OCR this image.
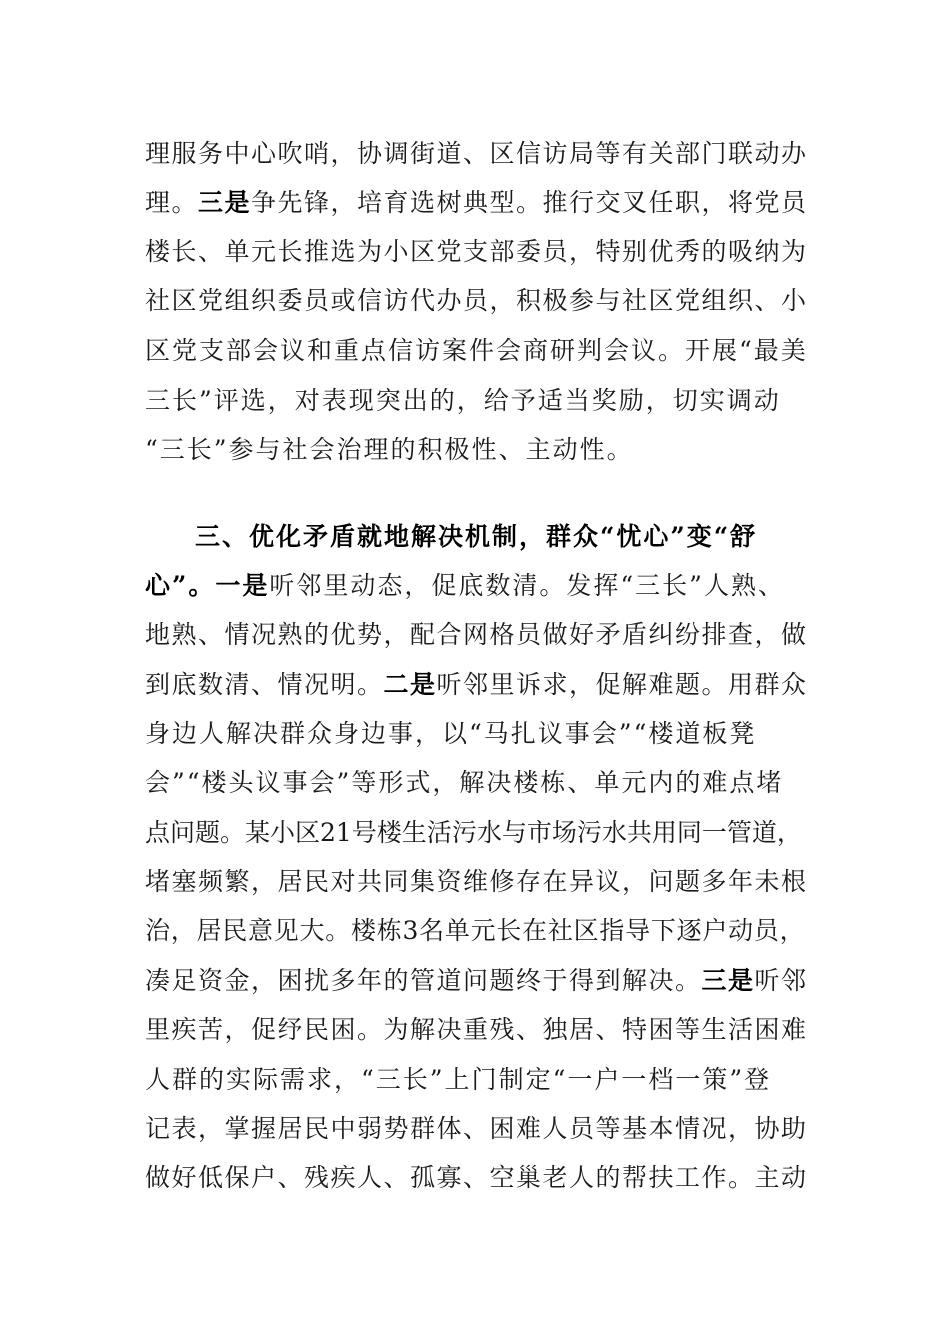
理服务中心吹哨，协调街道、区信访局等有关部门联动办
理。三是争先锋，培育选树典型。推行交叉任职，将党员
楼长、单元长推选为小区党支部委员，特别优秀的吸纳为
社区党组织委员或信访代办员，积极参与社区党组织、小
区党支部会议和重点信访案件会商研判会议。开展“最美
三长”评选，对表现突出的，给予适当奖励，切实调动
“三长”参与社会治理的积极性、主动性。
三、优化矛盾就地解决机制，群众“忧心”变“舒
心”。一是听邻里动态，促底数清。发挥“三长”人熟、
地熟、情况熟的优势，配合网格员做好矛盾纠纷排查，做
到底数清、情况明。二是听邻里诉求，促解难题。用群众
身边人解决群众身边事，以“马扎议事会”“楼道板凳
会”“楼头议事会”等形式，解决楼栋、单元内的难点堵
点问题。某小区21号楼生活污水与市场污水共用同一管道，
堵塞频繁，居民对共同集资维修存在异议，问题多年未根
治，居民意见大。楼栋3名单元长在社区指导下逐户动员，
凑足资金，困扰多年的管道问题终于得到解决。三是听邻
里疾苦，促纾民困。为解决重残、独居、特困等生活困难
人群的实际需求，“三长”上门制定“一户一档一策”登
记表，掌握居民中弱势群体、困难人员等基本情况，协助
做好低保户、残疾人、孤寡、空巢老人的帮扶工作。主动
